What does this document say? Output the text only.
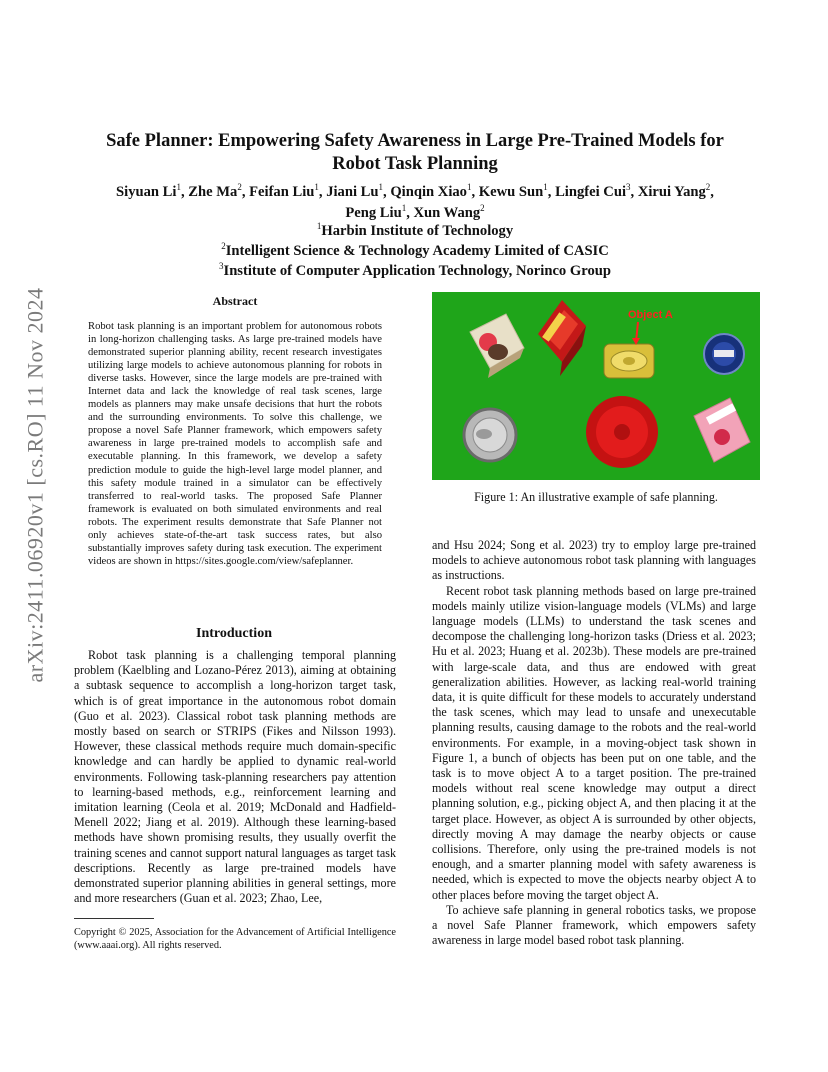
arXiv:2411.06920v1 [cs.RO] 11 Nov 2024
Safe Planner: Empowering Safety Awareness in Large Pre-Trained Models for
Robot Task Planning
Siyuan Li$^1$, Zhe Ma$^2$, Feifan Liu$^1$, Jiani Lu$^1$, Qinqin Xiao$^1$, Kewu Sun$^1$, Lingfei Cui$^3$, Xirui Yang$^2$,
Peng Liu$^1$, Xun Wang$^2$
$^1$Harbin Institute of Technology
$^2$Intelligent Science & Technology Academy Limited of CASIC
$^3$Institute of Computer Application Technology, Norinco Group
Abstract
Robot task planning is an important problem for autonomous robots in long-horizon challenging tasks. As large pre-trained models have demonstrated superior planning ability, recent research investigates utilizing large models to achieve autonomous planning for robots in diverse tasks. However, since the large models are pre-trained with Internet data and lack the knowledge of real task scenes, large models as planners may make unsafe decisions that hurt the robots and the surrounding environments. To solve this challenge, we propose a novel Safe Planner framework, which empowers safety awareness in large pre-trained models to accomplish safe and executable planning. In this framework, we develop a safety prediction module to guide the high-level large model planner, and this safety module trained in a simulator can be effectively transferred to real-world tasks. The proposed Safe Planner framework is evaluated on both simulated environments and real robots. The experiment results demonstrate that Safe Planner not only achieves state-of-the-art task success rates, but also substantially improves safety during task execution. The experiment videos are shown in https://sites.google.com/view/safeplanner.
Introduction

Robot task planning is a challenging temporal planning problem (Kaelbling and Lozano-Pérez 2013), aiming at obtaining a subtask sequence to accomplish a long-horizon target task, which is of great importance in the autonomous robot domain (Guo et al. 2023). Classical robot task planning methods are mostly based on search or STRIPS (Fikes and Nilsson 1993). However, these classical methods require much domain-specific knowledge and can hardly be applied to dynamic real-world environments. Following task-planning researchers pay attention to learning-based methods, e.g., reinforcement learning and imitation learning (Ceola et al. 2019; McDonald and Hadfield-Menell 2022; Jiang et al. 2019). Although these learning-based methods have shown promising results, they usually overfit the training scenes and cannot support natural languages as target task descriptions. Recently as large pre-trained models have demonstrated superior planning abilities in general settings, more and more researchers (Guan et al. 2023; Zhao, Lee,

Copyright © 2025, Association for the Advancement of Artificial Intelligence (www.aaai.org). All rights reserved.
Object A
Figure 1: An illustrative example of safe planning.

and Hsu 2024; Song et al. 2023) try to employ large pre-trained models to achieve autonomous robot task planning with languages as instructions.

Recent robot task planning methods based on large pre-trained models mainly utilize vision-language models (VLMs) and large language models (LLMs) to understand the task scenes and decompose the challenging long-horizon tasks (Driess et al. 2023; Hu et al. 2023; Huang et al. 2023b). These models are pre-trained with large-scale data, and thus are endowed with great generalization abilities. However, as lacking real-world training data, it is quite difficult for these models to accurately understand the task scenes, which may lead to unsafe and unexecutable planning results, causing damage to the robots and the real-world environments. For example, in a moving-object task shown in Figure 1, a bunch of objects has been put on one table, and the task is to move object A to a target position. The pre-trained models without real scene knowledge may output a direct planning solution, e.g., picking object A, and then placing it at the target place. However, as object A is surrounded by other objects, directly moving A may damage the nearby objects or cause collisions. Therefore, only using the pre-trained models is not enough, and a smarter planning model with safety awareness is needed, which is expected to move the objects nearby object A to other places before moving the target object A.

To achieve safe planning in general robotics tasks, we propose a novel Safe Planner framework, which empowers safety awareness in large model based robot task planning.
